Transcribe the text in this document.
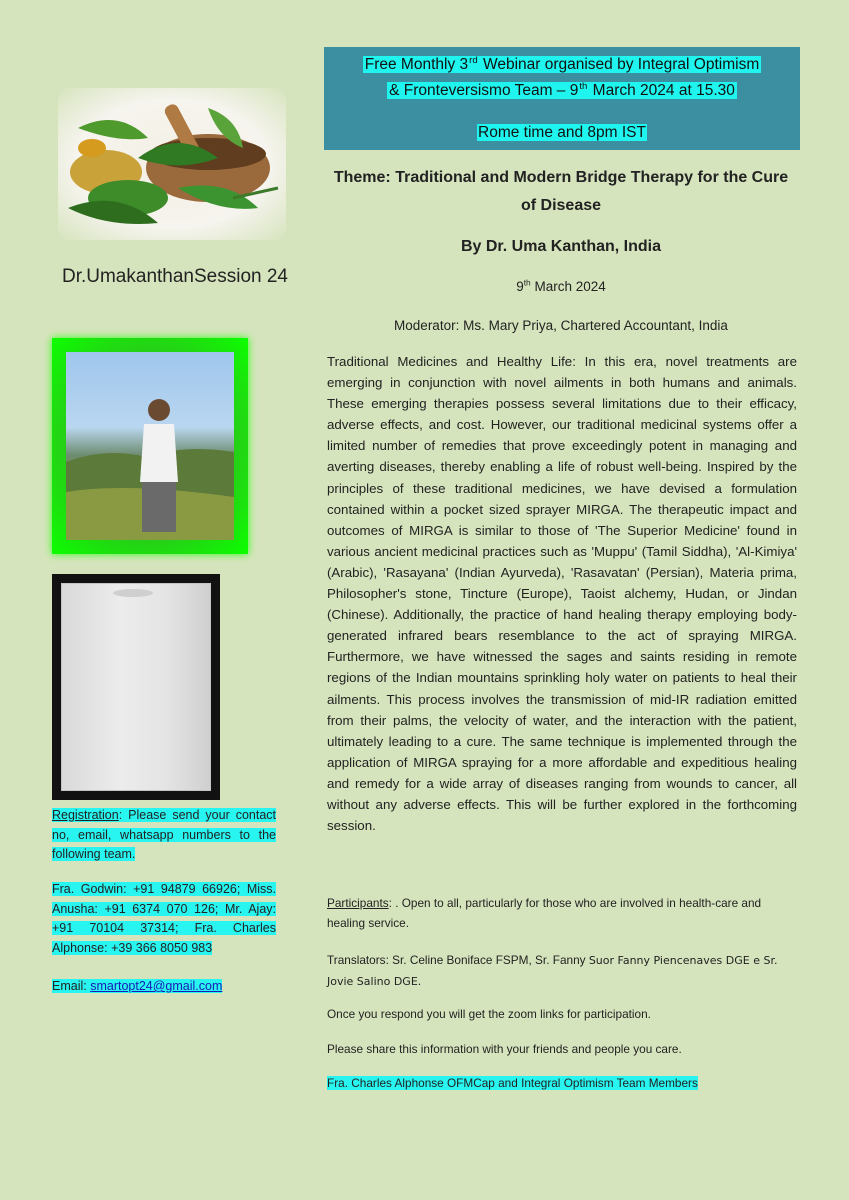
Dr.UmakanthanSession 24
Registration: Please send your contact no, email, whatsapp numbers to the following team.
Fra. Godwin: +91 94879 66926; Miss. Anusha: +91 6374 070 126; Mr. Ajay: +91 70104 37314; Fra. Charles Alphonse: +39 366 8050 983
Email: smartopt24@gmail.com
Free Monthly 3rd Webinar organised by Integral Optimism
& Fronteversismo Team – 9th March 2024 at 15.30
Rome time and 8pm IST
Theme: Traditional and Modern Bridge Therapy for the Cure of Disease
By Dr. Uma Kanthan, India
9th March 2024
Moderator: Ms. Mary Priya, Chartered Accountant, India
Traditional Medicines and Healthy Life: In this era, novel treatments are emerging in conjunction with novel ailments in both humans and animals. These emerging therapies possess several limitations due to their efficacy, adverse effects, and cost. However, our traditional medicinal systems offer a limited number of remedies that prove exceedingly potent in managing and averting diseases, thereby enabling a life of robust well-being. Inspired by the principles of these traditional medicines, we have devised a formulation contained within a pocket sized sprayer MIRGA. The therapeutic impact and outcomes of MIRGA is similar to those of 'The Superior Medicine' found in various ancient medicinal practices such as 'Muppu' (Tamil Siddha), 'Al-Kimiya' (Arabic), 'Rasayana' (Indian Ayurveda), 'Rasavatan' (Persian), Materia prima, Philosopher's stone, Tincture (Europe), Taoist alchemy, Hudan, or Jindan (Chinese). Additionally, the practice of hand healing therapy employing body-generated infrared bears resemblance to the act of spraying MIRGA. Furthermore, we have witnessed the sages and saints residing in remote regions of the Indian mountains sprinkling holy water on patients to heal their ailments. This process involves the transmission of mid-IR radiation emitted from their palms, the velocity of water, and the interaction with the patient, ultimately leading to a cure. The same technique is implemented through the application of MIRGA spraying for a more affordable and expeditious healing and remedy for a wide array of diseases ranging from wounds to cancer, all without any adverse effects. This will be further explored in the forthcoming session.
Participants: . Open to all, particularly for those who are involved in health-care and healing service.
Translators: Sr. Celine Boniface FSPM, Sr. Fanny Suor Fanny Piencenaves DGE e Sr. Jovie Salino DGE.
Once you respond you will get the zoom links for participation.
Please share this information with your friends and people you care.
Fra. Charles Alphonse OFMCap and Integral Optimism Team Members
